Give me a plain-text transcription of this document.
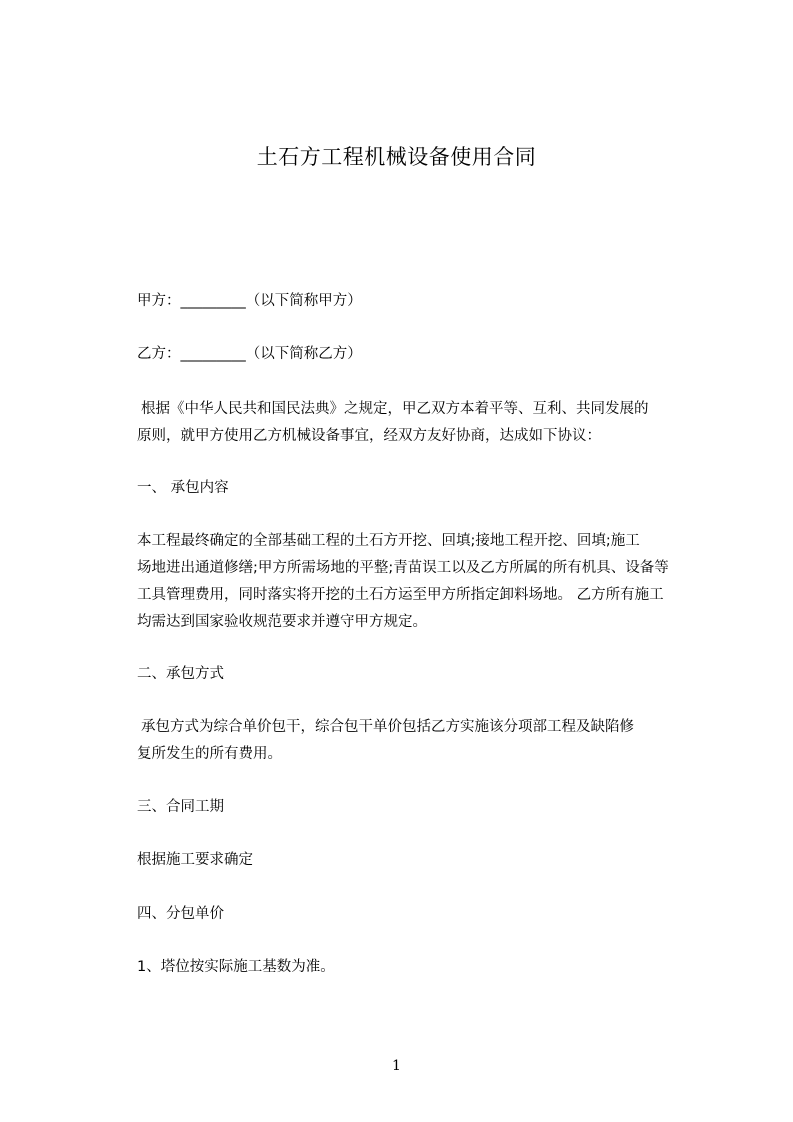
土石方工程机械设备使用合同
甲方：_________（以下简称甲方）
乙方：_________（以下简称乙方）
根据《中华人民共和国民法典》之规定，甲乙双方本着平等、互利、共同发展的
原则，就甲方使用乙方机械设备事宜，经双方友好协商，达成如下协议：
一、 承包内容
本工程最终确定的全部基础工程的土石方开挖、回填;接地工程开挖、回填;施工
场地进出通道修缮;甲方所需场地的平整;青苗误工以及乙方所属的所有机具、设备等
工具管理费用，同时落实将开挖的土石方运至甲方所指定卸料场地。 乙方所有施工
均需达到国家验收规范要求并遵守甲方规定。
二、承包方式
承包方式为综合单价包干，综合包干单价包括乙方实施该分项部工程及缺陷修
复所发生的所有费用。
三、合同工期
根据施工要求确定
四、分包单价
1、塔位按实际施工基数为准。
1
